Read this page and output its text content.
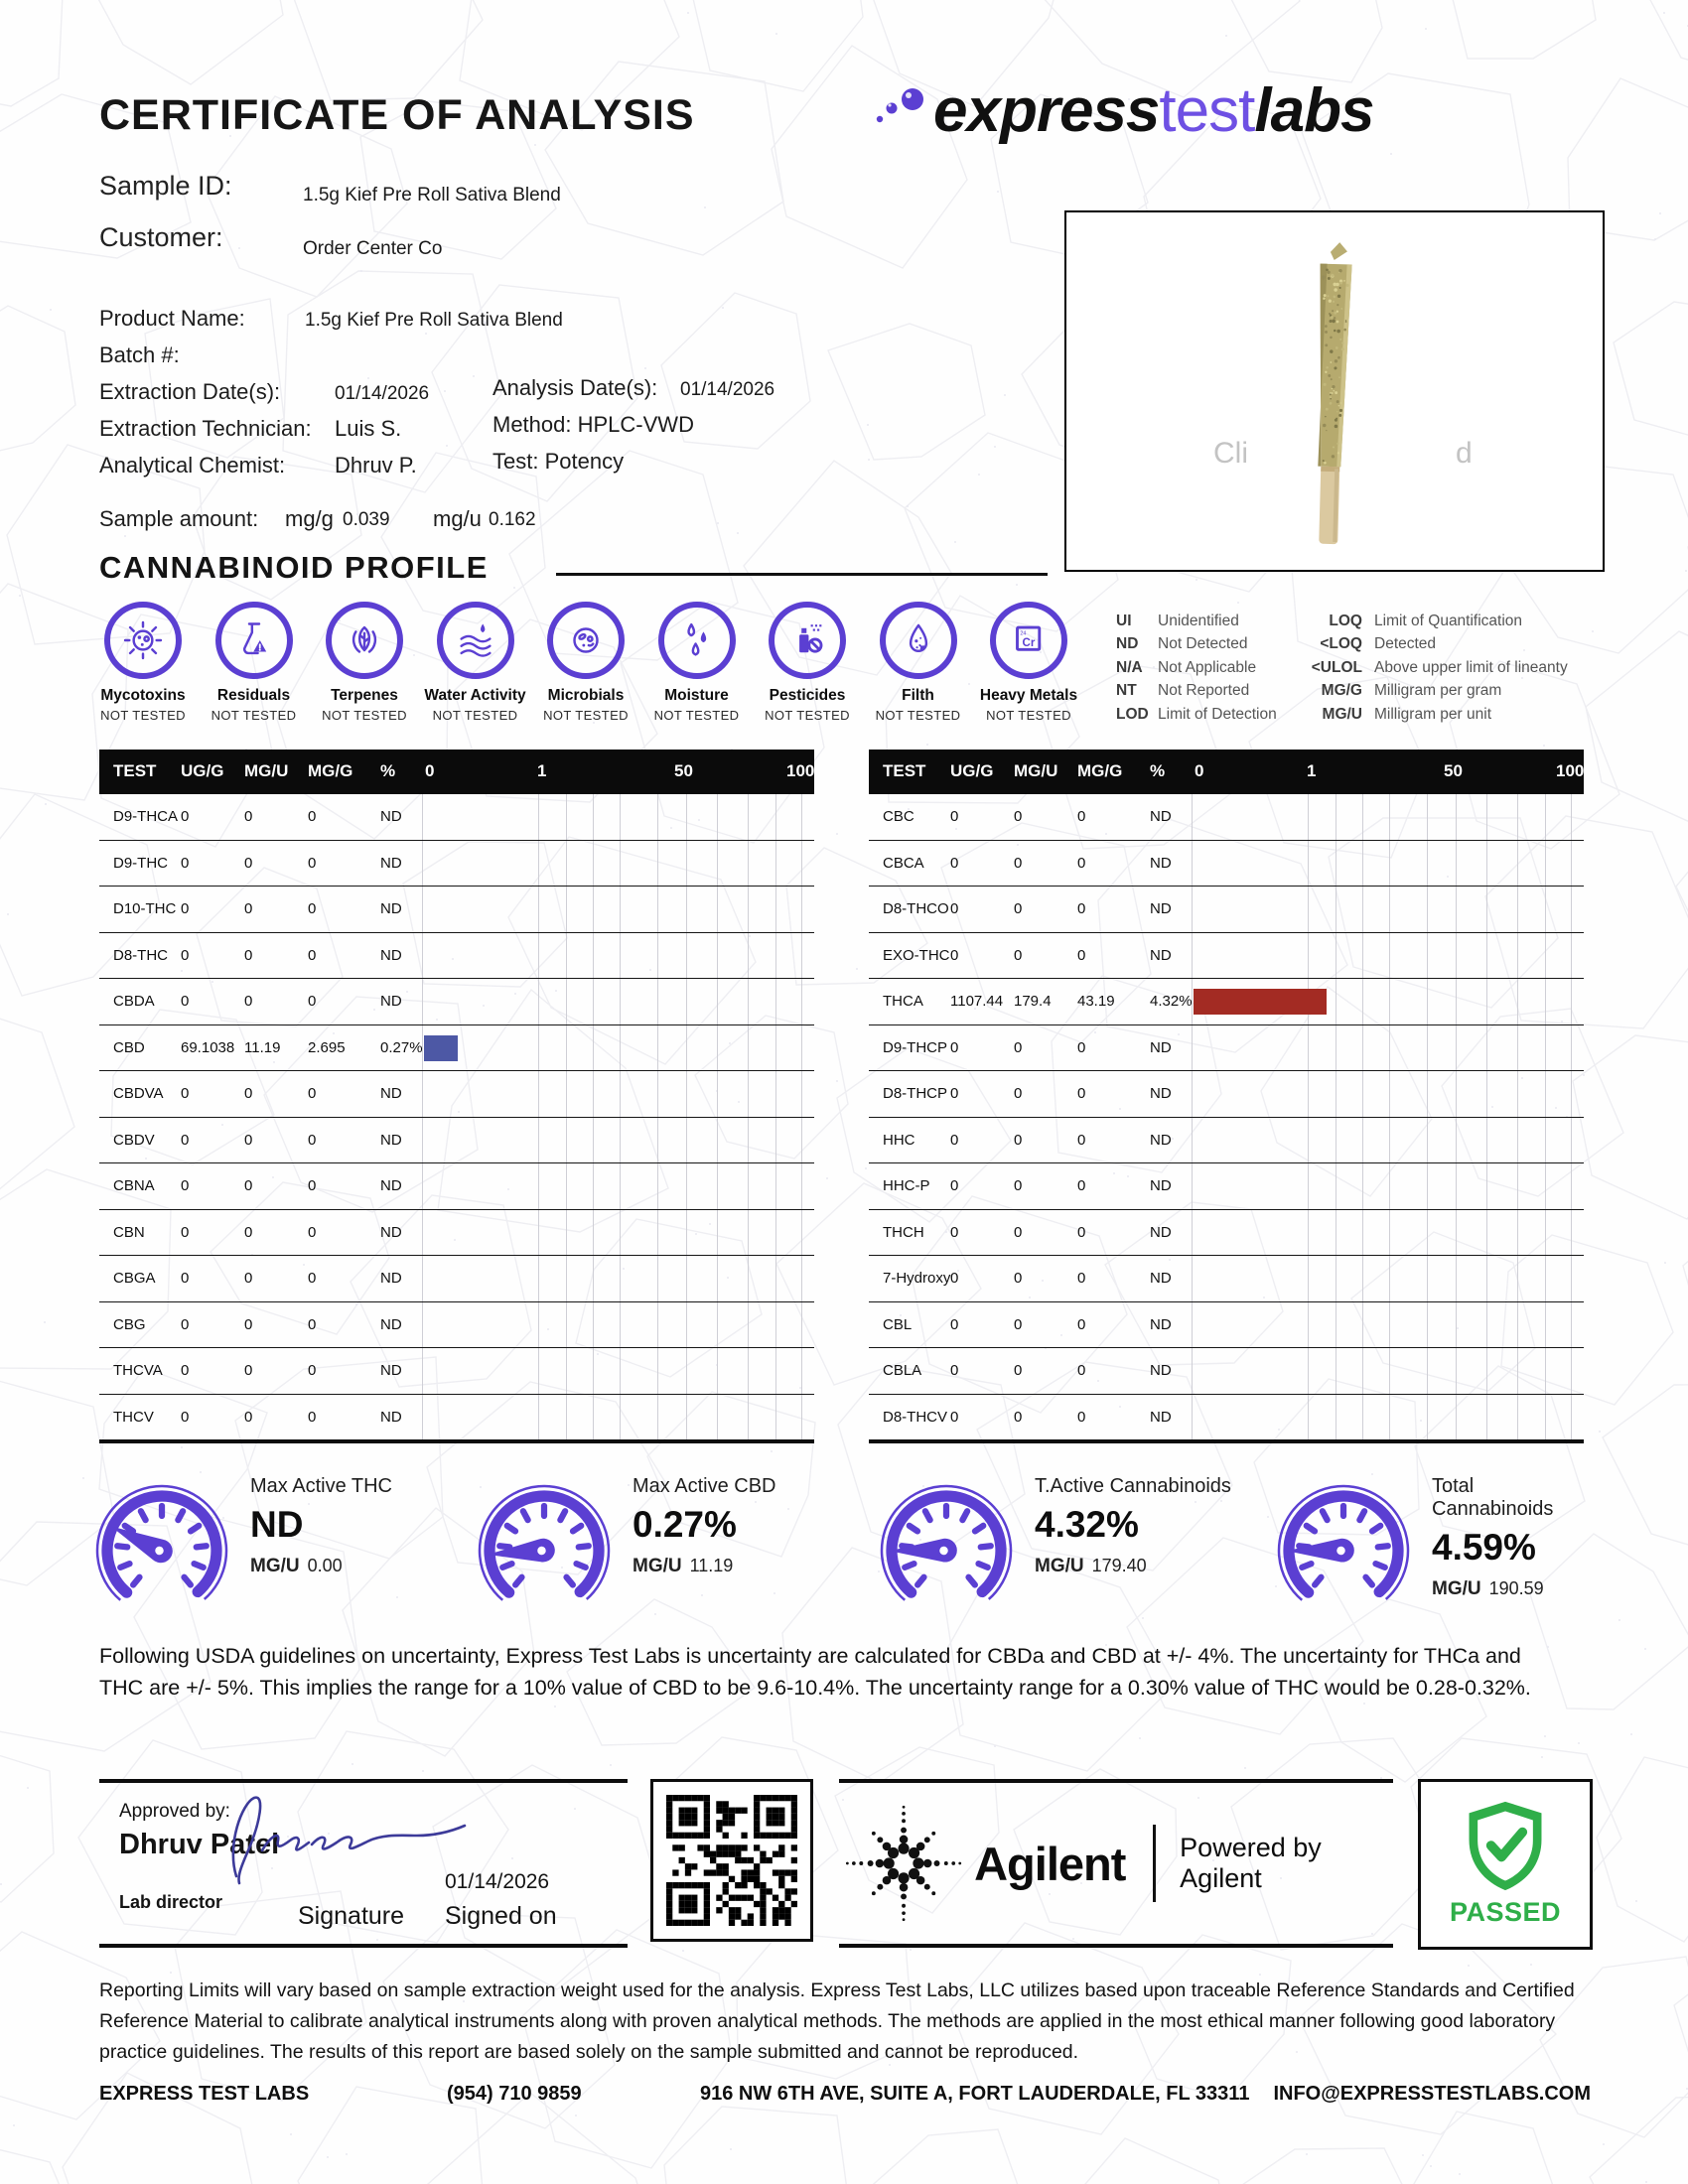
CERTIFICATE OF ANALYSIS	express test labs
Sample ID:	1.5g Kief Pre Roll Sativa Blend
Customer:	Order Center Co
Product Name:	1.5g Kief Pre Roll Sativa Blend
Batch #:
Extraction Date(s):	01/14/2026	Analysis Date(s): 01/14/2026
Extraction Technician: Luis S.	Method: HPLC-VWD
Analytical Chemist: Dhruv P.	Test: Potency
Sample amount: mg/g 0.039 mg/u 0.162
Cli	d
CANNABINOID PROFILE
Mycotoxins
NOT TESTED
Residuals
NOT TESTED
Terpenes
NOT TESTED
Water Activity
NOT TESTED
Microbials
NOT TESTED
Moisture
NOT TESTED
Pesticides
NOT TESTED
Filth
NOT TESTED
Cr
24
Heavy Metals
NOT TESTED
UI Unidentified
ND Not Detected
N/A Not Applicable
NT Not Reported
LOD Limit of Detection
LOQ Limit of Quantification
<LOQ Detected
<ULOL Above upper limit of lineanty
MG/G Milligram per gram
MG/U Milligram per unit
TEST UG/G MG/U MG/G % 0	1	50	100
D9-THCA 0	0	0	ND
D9-THC 0	0	0	ND
D10-THC 0	0	0	ND
D8-THC 0	0	0	ND
CBDA 0	0	0	ND
CBD 69.1038 11.19 2.695 0.27%
CBDVA 0	0	0	ND
CBDV 0	0	0	ND
CBNA 0	0	0	ND
CBN 0	0	0	ND
CBGA 0	0	0	ND
CBG 0	0	0	ND
THCVA 0	0	0	ND
THCV 0	0	0	ND
TEST UG/G MG/U MG/G % 0	1	50	100
CBC 0	0	0	ND
CBCA 0	0	0	ND
D8-THCO 0	0	0	ND
EXO-THC 0	0	0	ND
THCA 1107.44 179.4 43.19 4.32%
D9-THCP 0	0	0	ND
D8-THCP 0	0	0	ND
HHC 0	0	0	ND
HHC-P 0	0	0	ND
THCH 0	0	0	ND
7-Hydroxy 0	0	0	ND
CBL	0	0	0	ND
CBLA 0	0	0	ND
D8-THCV 0	0	0	ND
Max Active THC
ND
MG/U 0.00
Max Active CBD
0.27%
MG/U 11.19
T.Active Cannabinoids
4.32%
MG/U 179.40
Total Cannabinoids
4.59%
MG/U 190.59
Following USDA guidelines on uncertainty, Express Test Labs is uncertainty are calculated for CBDa and CBD at +/- 4%. The uncertainty for THCa and THC are +/- 5%. This implies the range for a 10% value of CBD to be 9.6-10.4%. The uncertainty range for a 0.30% value of THC would be 0.28-0.32%.
Approved by:
Dhruv Patel
Lab director
01/14/2026
Signature Signed on
Agilent Powered by Agilent
PASSED
Reporting Limits will vary based on sample extraction weight used for the analysis. Express Test Labs, LLC utilizes based upon traceable Reference Standards and Certified Reference Material to calibrate analytical instruments along with proven analytical methods. The methods are applied in the most ethical manner following good laboratory practice guidelines. The results of this report are based solely on the sample submitted and cannot be reproduced.
EXPRESS TEST LABS	(954) 710 9859	916 NW 6TH AVE, SUITE A, FORT LAUDERDALE, FL 33311 INFO@EXPRESSTESTLABS.COM
